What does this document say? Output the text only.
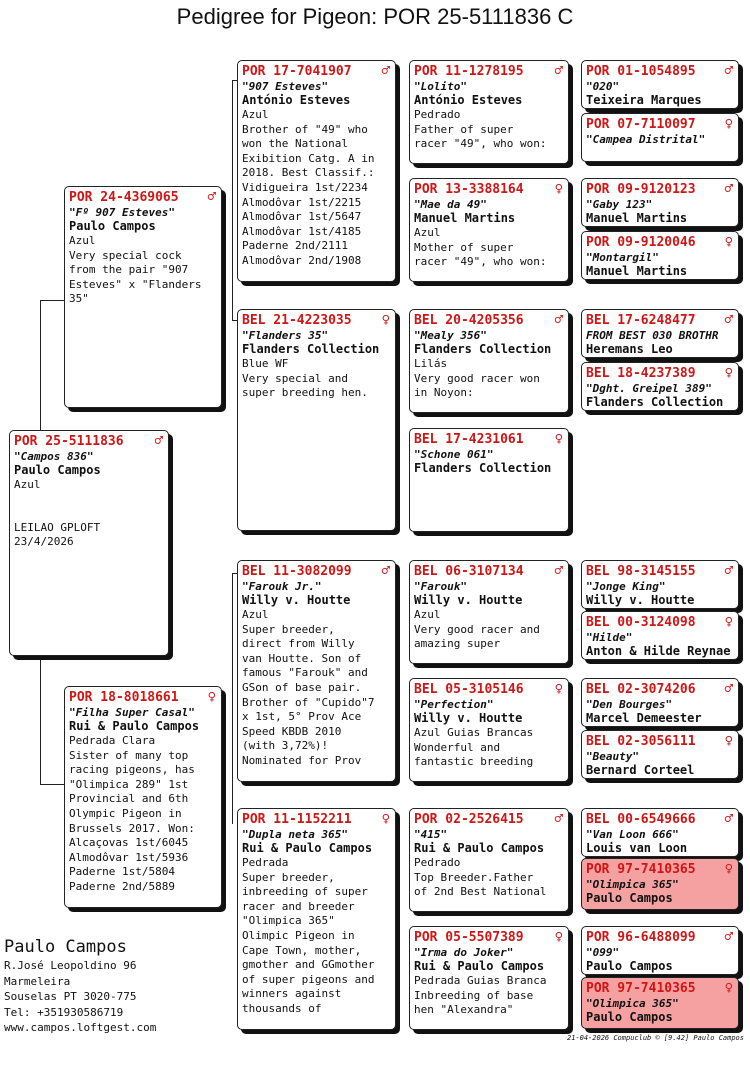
Pedigree for Pigeon: POR 25-5111836 C
POR 25-5111836	♂
"Campos 836"
Paulo Campos
Azul
LEILAO GPLOFT
23/4/2026
POR 24-4369065	♂
"Fº 907 Esteves"
Paulo Campos
Azul
Very special cock
from the pair "907
Esteves" x "Flanders
35"
POR 18-8018661	♀
"Filha Super Casal"
Rui & Paulo Campos
Pedrada Clara
Sister of many top
racing pigeons, has
"Olimpica 289" 1st
Provincial and 6th
Olympic Pigeon in
Brussels 2017. Won:
Alcaçovas 1st/6045
Almodôvar 1st/5936
Paderne 1st/5804
Paderne 2nd/5889
POR 17-7041907	♂
"907 Esteves"
António Esteves
Azul
Brother of "49" who
won the National
Exibition Catg. A in
2018. Best Classif.:
Vidigueira 1st/2234
Almodôvar 1st/2215
Almodôvar 1st/5647
Almodôvar 1st/4185
Paderne 2nd/2111
Almodôvar 2nd/1908
BEL 21-4223035	♀
"Flanders 35"
Flanders Collection
Blue WF
Very special and
super breeding hen.
BEL 11-3082099	♂
"Farouk Jr."
Willy v. Houtte
Azul
Super breeder,
direct from Willy
van Houtte. Son of
famous "Farouk" and
GSon of base pair.
Brother of "Cupido"7
x 1st, 5° Prov Ace
Speed KBDB 2010
(with 3,72%)!
Nominated for Prov
POR 11-1152211	♀
"Dupla neta 365"
Rui & Paulo Campos
Pedrada
Super breeder,
inbreeding of super
racer and breeder
"Olimpica 365"
Olimpic Pigeon in
Cape Town, mother,
gmother and GGmother
of super pigeons and
winners against
thousands of
POR 11-1278195	♂
"Lolito"
António Esteves
Pedrado
Father of super
racer "49", who won:
POR 13-3388164	♀
"Mae da 49"
Manuel Martins
Azul
Mother of super
racer "49", who won:
BEL 20-4205356	♂
"Mealy 356"
Flanders Collection
Lilás
Very good racer won
in Noyon:
BEL 17-4231061	♀
"Schone 061"
Flanders Collection
BEL 06-3107134	♂
"Farouk"
Willy v. Houtte
Azul
Very good racer and
amazing super
BEL 05-3105146	♀
"Perfection"
Willy v. Houtte
Azul Guias Brancas
Wonderful and
fantastic breeding
POR 02-2526415	♂
"415"
Rui & Paulo Campos
Pedrado
Top Breeder.Father
of 2nd Best National
POR 05-5507389	♀
"Irma do Joker"
Rui & Paulo Campos
Pedrada Guias Branca
Inbreeding of base
hen "Alexandra"
POR 01-1054895	♂
"020"
Teixeira Marques
POR 07-7110097	♀
"Campea Distrital"
POR 09-9120123	♂
"Gaby 123"
Manuel Martins
POR 09-9120046	♀
"Montargil"
Manuel Martins
BEL 17-6248477	♂
FROM BEST 030 BROTHR
Heremans Leo
BEL 18-4237389	♀
"Dght. Greipel 389"
Flanders Collection
BEL 98-3145155	♂
"Jonge King"
Willy v. Houtte
BEL 00-3124098	♀
"Hilde"
Anton & Hilde Reynae
BEL 02-3074206	♂
"Den Bourges"
Marcel Demeester
BEL 02-3056111	♀
"Beauty"
Bernard Corteel
BEL 00-6549666	♂
"Van Loon 666"
Louis van Loon
POR 97-7410365	♀
"Olimpica 365"
Paulo Campos
POR 96-6488099	♂
"099"
Paulo Campos
POR 97-7410365	♀
"Olimpica 365"
Paulo Campos
Paulo Campos
R.José Leopoldino 96
Marmeleira
Souselas PT 3020-775
Tel: +351930586719
www.campos.loftgest.com
21-04-2026 Compuclub © [9.42] Paulo Campos
